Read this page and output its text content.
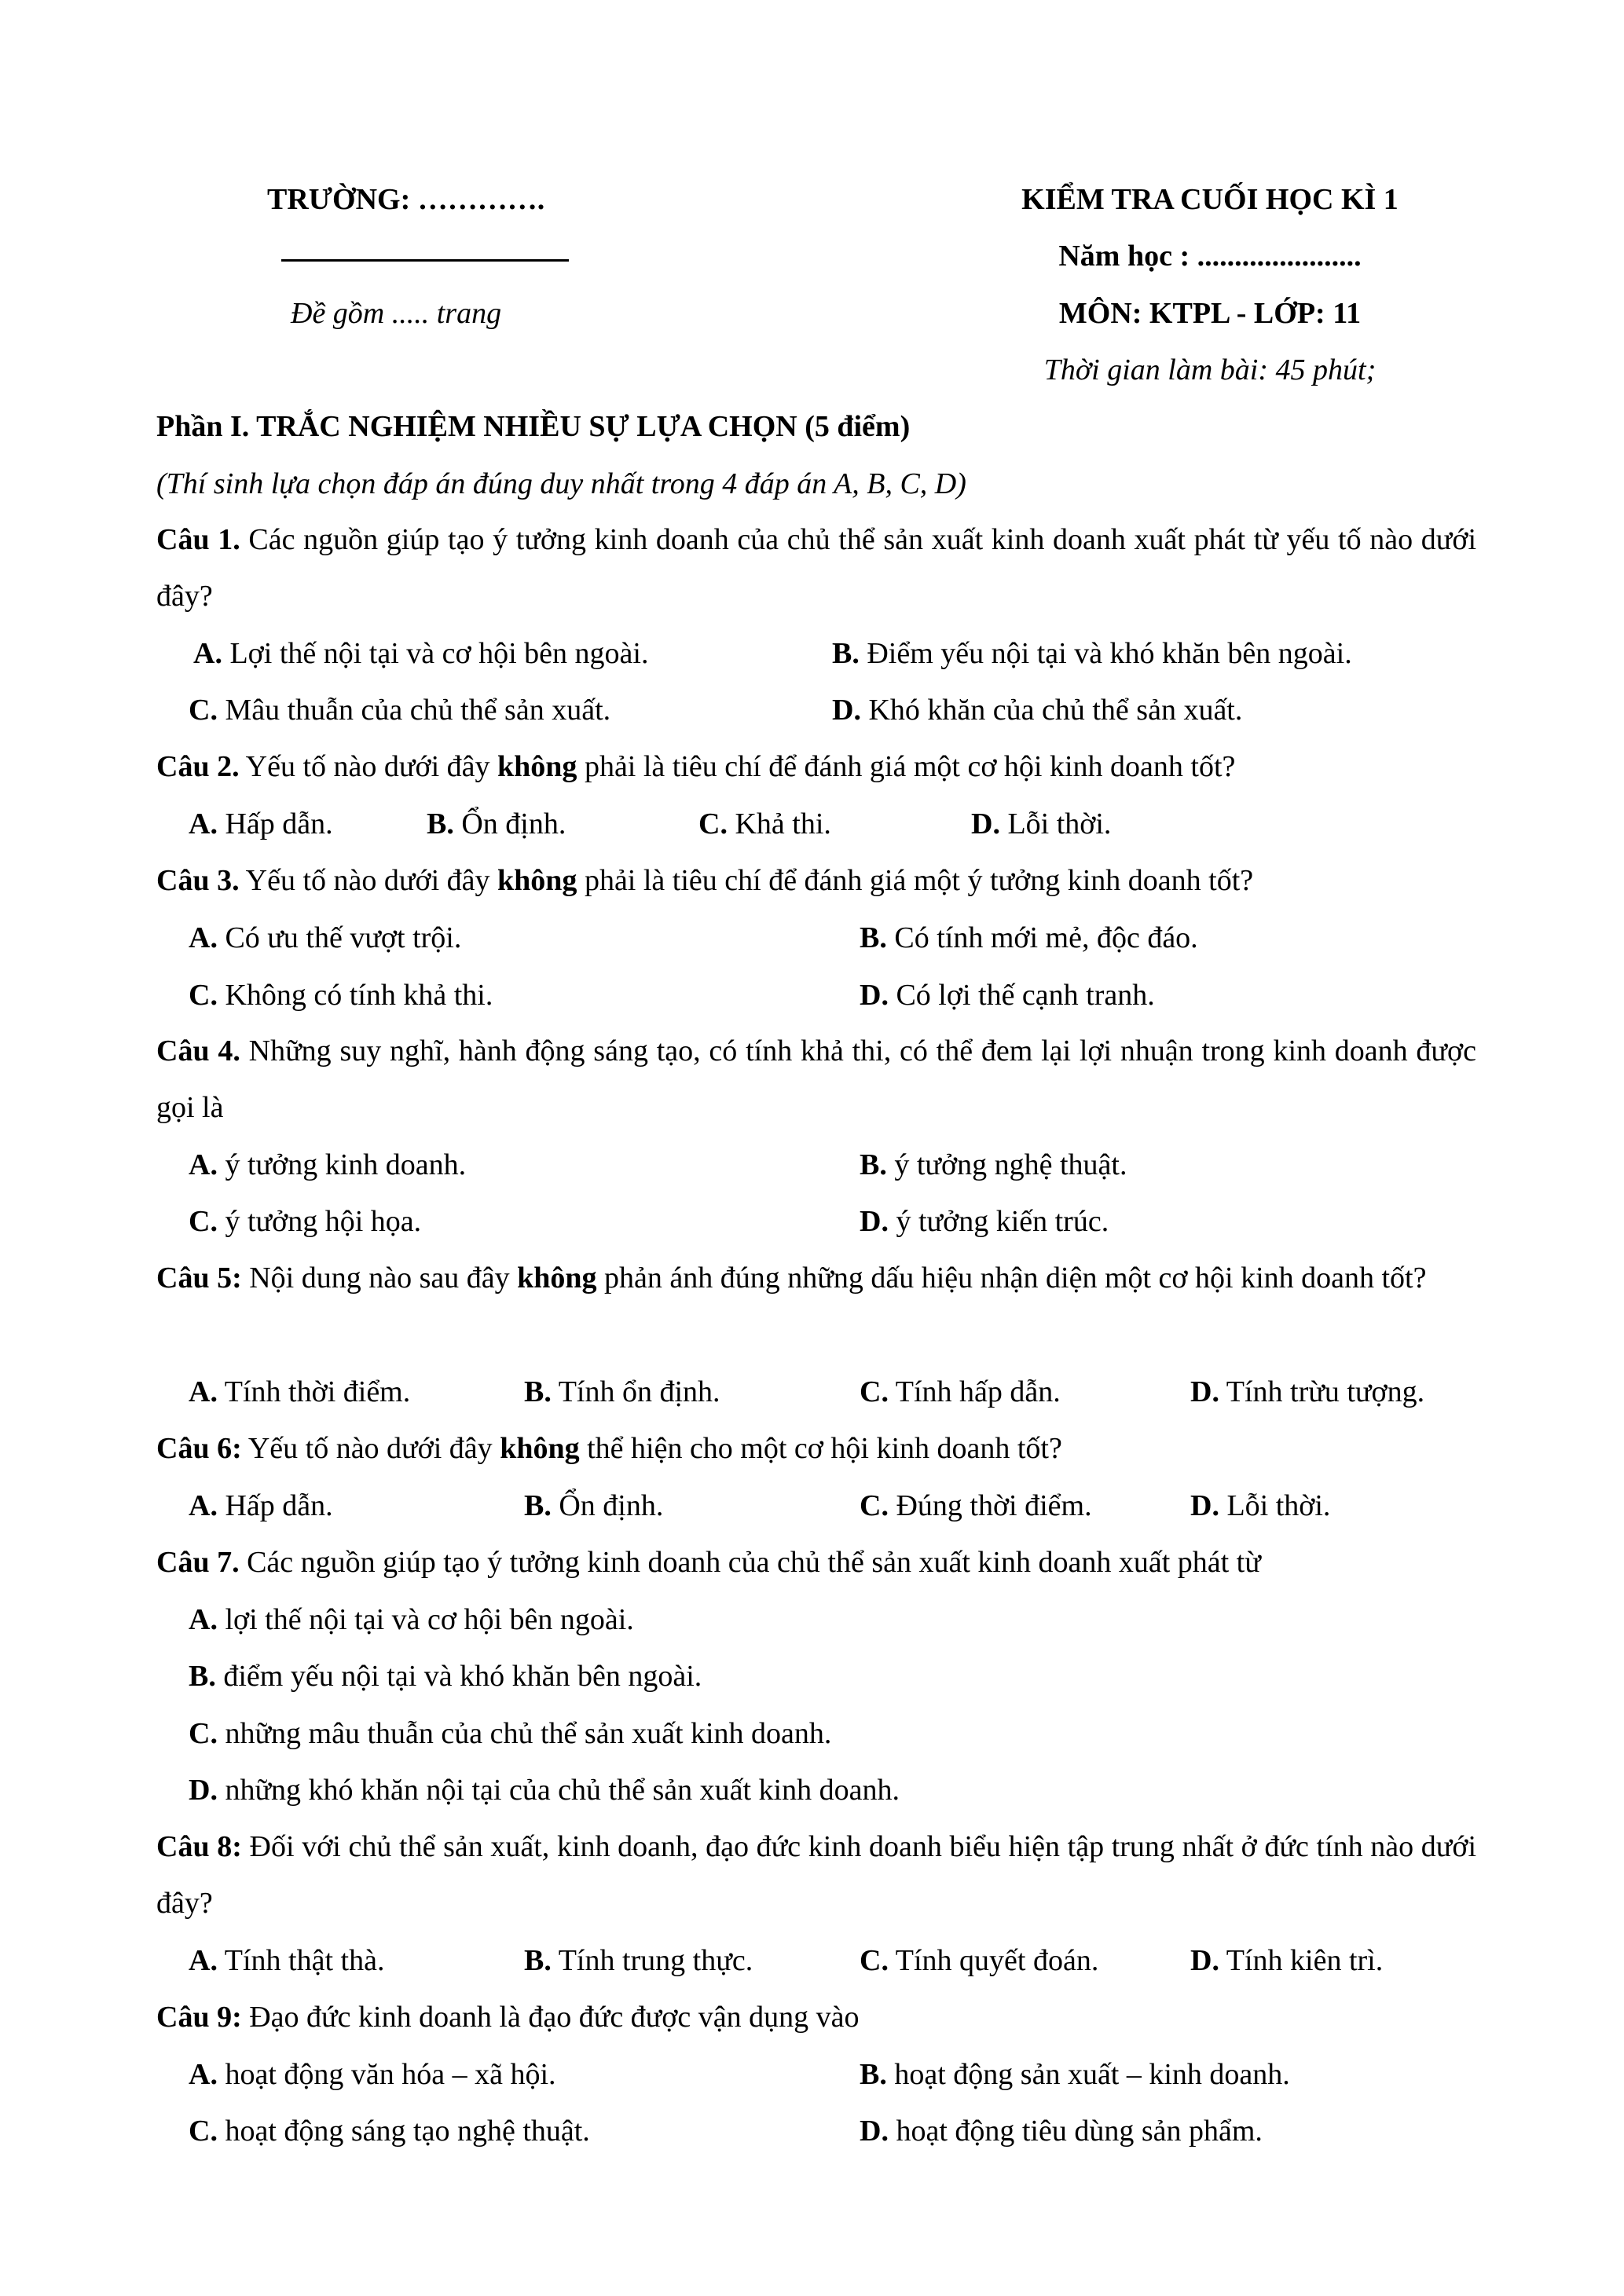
TRƯỜNG: ………….
Đề gồm ..... trang
KIỂM TRA CUỐI HỌC KÌ 1
Năm học : ......................
MÔN: KTPL - LỚP: 11
Thời gian làm bài: 45 phút;
Phần I. TRẮC NGHIỆM NHIỀU SỰ LỰA CHỌN (5 điểm)
(Thí sinh lựa chọn đáp án đúng duy nhất trong 4 đáp án A, B, C, D)
Câu 1. Các nguồn giúp tạo ý tưởng kinh doanh của chủ thể sản xuất kinh doanh xuất phát từ yếu tố nào dưới đây?
A. Lợi thế nội tại và cơ hội bên ngoài.	B. Điểm yếu nội tại và khó khăn bên ngoài.
C. Mâu thuẫn của chủ thể sản xuất.	D. Khó khăn của chủ thể sản xuất.
Câu 2. Yếu tố nào dưới đây không phải là tiêu chí để đánh giá một cơ hội kinh doanh tốt?
A. Hấp dẫn.	B. Ổn định.	C. Khả thi.	D. Lỗi thời.
Câu 3. Yếu tố nào dưới đây không phải là tiêu chí để đánh giá một ý tưởng kinh doanh tốt?
A. Có ưu thế vượt trội.	B. Có tính mới mẻ, độc đáo.
C. Không có tính khả thi.	D. Có lợi thế cạnh tranh.
Câu 4. Những suy nghĩ, hành động sáng tạo, có tính khả thi, có thể đem lại lợi nhuận trong kinh doanh được gọi là
A. ý tưởng kinh doanh.	B. ý tưởng nghệ thuật.
C. ý tưởng hội họa.	D. ý tưởng kiến trúc.
Câu 5: Nội dung nào sau đây không phản ánh đúng những dấu hiệu nhận diện một cơ hội kinh doanh tốt?
A. Tính thời điểm.	B. Tính ổn định.	C. Tính hấp dẫn.	D. Tính trừu tượng.
Câu 6: Yếu tố nào dưới đây không thể hiện cho một cơ hội kinh doanh tốt?
A. Hấp dẫn.	B. Ổn định.	C. Đúng thời điểm.	D. Lỗi thời.
Câu 7. Các nguồn giúp tạo ý tưởng kinh doanh của chủ thể sản xuất kinh doanh xuất phát từ
A. lợi thế nội tại và cơ hội bên ngoài.
B. điểm yếu nội tại và khó khăn bên ngoài.
C. những mâu thuẫn của chủ thể sản xuất kinh doanh.
D. những khó khăn nội tại của chủ thể sản xuất kinh doanh.
Câu 8: Đối với chủ thể sản xuất, kinh doanh, đạo đức kinh doanh biểu hiện tập trung nhất ở đức tính nào dưới đây?
A. Tính thật thà.	B. Tính trung thực.	C. Tính quyết đoán.	D. Tính kiên trì.
Câu 9: Đạo đức kinh doanh là đạo đức được vận dụng vào
A. hoạt động văn hóa – xã hội.	B. hoạt động sản xuất – kinh doanh.
C. hoạt động sáng tạo nghệ thuật.	D. hoạt động tiêu dùng sản phẩm.
